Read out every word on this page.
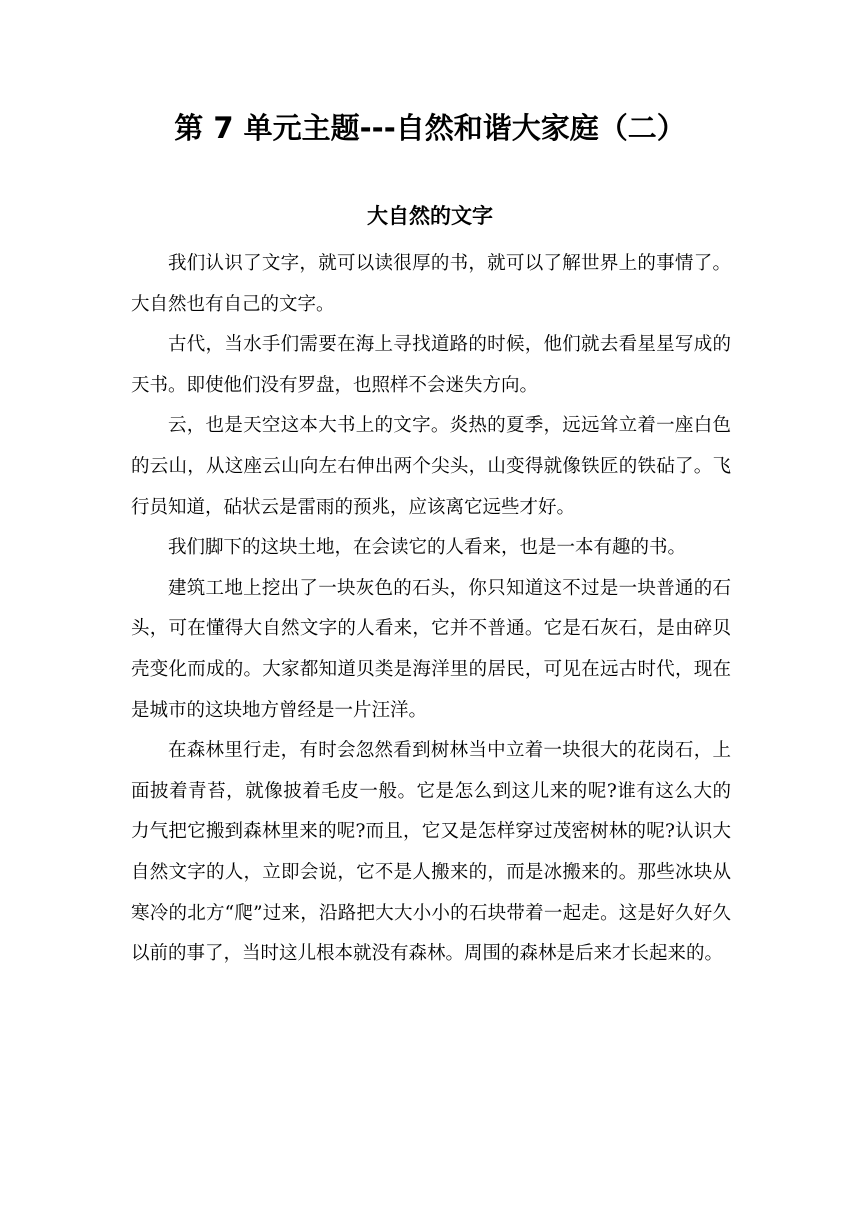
第 7 单元主题---自然和谐大家庭（二）
大自然的文字

我们认识了文字，就可以读很厚的书，就可以了解世界上的事情了。大自然也有自己的文字。

古代，当水手们需要在海上寻找道路的时候，他们就去看星星写成的天书。即使他们没有罗盘，也照样不会迷失方向。

云，也是天空这本大书上的文字。炎热的夏季，远远耸立着一座白色的云山，从这座云山向左右伸出两个尖头，山变得就像铁匠的铁砧了。飞行员知道，砧状云是雷雨的预兆，应该离它远些才好。

我们脚下的这块土地，在会读它的人看来，也是一本有趣的书。

建筑工地上挖出了一块灰色的石头，你只知道这不过是一块普通的石头，可在懂得大自然文字的人看来，它并不普通。它是石灰石，是由碎贝壳变化而成的。大家都知道贝类是海洋里的居民，可见在远古时代，现在是城市的这块地方曾经是一片汪洋。

在森林里行走，有时会忽然看到树林当中立着一块很大的花岗石，上面披着青苔，就像披着毛皮一般。它是怎么到这儿来的呢?谁有这么大的力气把它搬到森林里来的呢?而且，它又是怎样穿过茂密树林的呢?认识大自然文字的人，立即会说，它不是人搬来的，而是冰搬来的。那些冰块从寒冷的北方“爬”过来，沿路把大大小小的石块带着一起走。这是好久好久以前的事了，当时这儿根本就没有森林。周围的森林是后来才长起来的。
